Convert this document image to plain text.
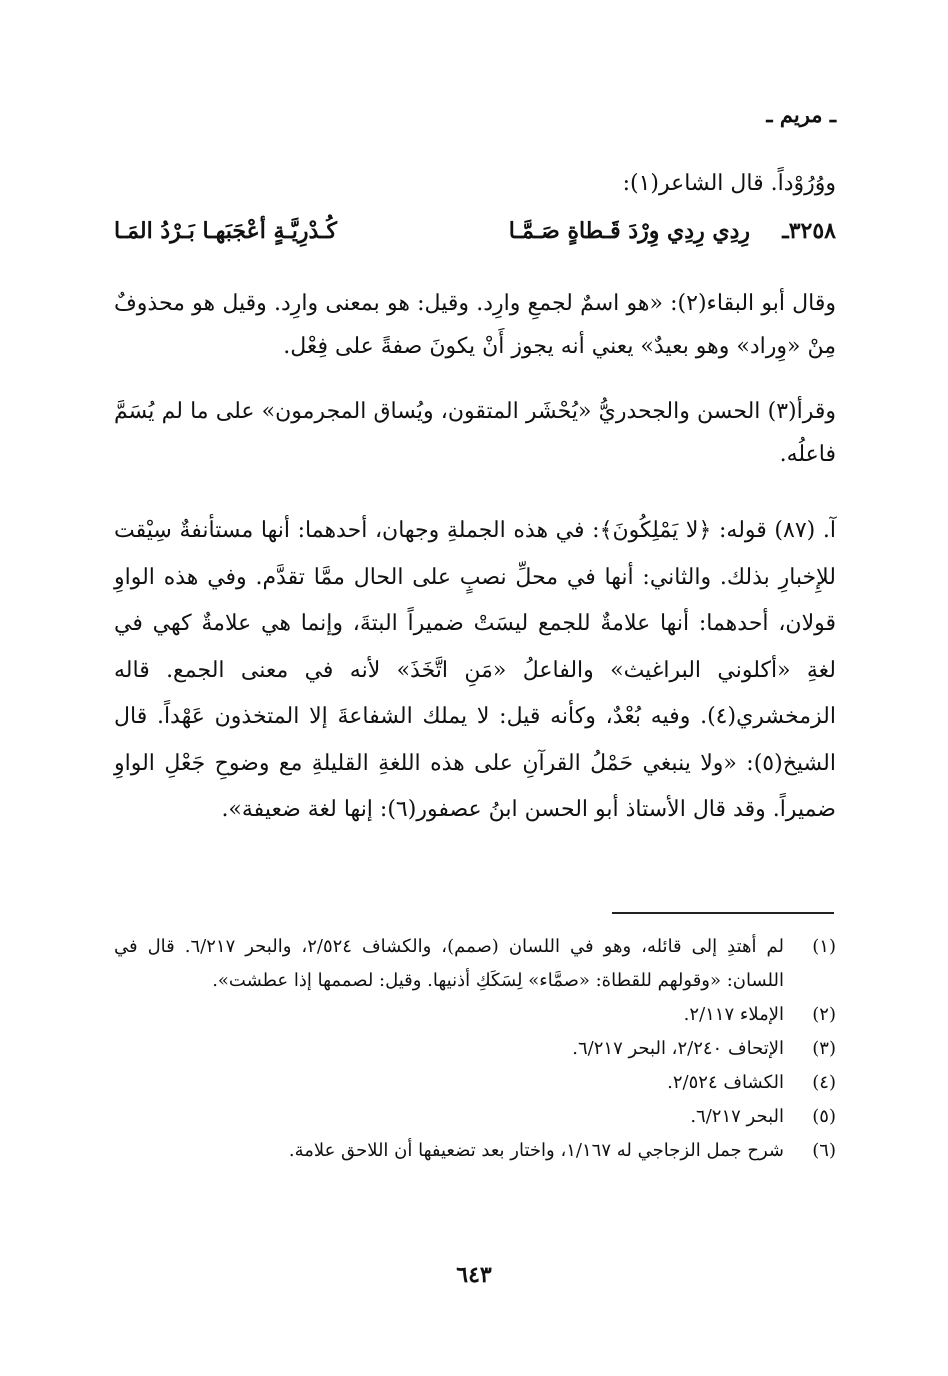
ـ مريم ـ
ووُرُوْداً. قال الشاعر(١):
٣٢٥٨ـ
رِدِي رِدِي وِرْدَ قَـطاةٍ صَـمَّـا
كُـدْرِيَّـةٍ أعْجَبَهـا بَـرْدُ المَـا
وقال أبو البقاء(٢): «هو اسمٌ لجمعِ وارِد. وقيل: هو بمعنى وارِد. وقيل هو محذوفٌ مِنْ «وِراد» وهو بعيدٌ» يعني أنه يجوز أَنْ يكونَ صفةً على فِعْل.
وقرأ(٣) الحسن والجحدريُّ «يُحْشَر المتقون، ويُساق المجرمون» على ما لم يُسَمَّ فاعلُه.
آ. (٨٧) قوله: ﴿لا يَمْلِكُونَ﴾: في هذه الجملةِ وجهان، أحدهما: أنها مستأنفةٌ سِيْقت للإِخبارِ بذلك. والثاني: أنها في محلِّ نصبٍ على الحال ممَّا تقدَّم. وفي هذه الواوِ قولان، أحدهما: أنها علامةٌ للجمع ليسَتْ ضميراً البتةَ، وإنما هي علامةٌ كهي في لغةِ «أكلوني البراغيث» والفاعلُ «مَنِ اتَّخَذَ» لأنه في معنى الجمع. قاله الزمخشري(٤). وفيه بُعْدٌ، وكأنه قيل: لا يملك الشفاعةَ إلا المتخذون عَهْداً. قال الشيخ(٥): «ولا ينبغي حَمْلُ القرآنِ على هذه اللغةِ القليلةِ مع وضوحِ جَعْلِ الواوِ ضميراً. وقد قال الأستاذ أبو الحسن ابنُ عصفور(٦): إنها لغة ضعيفة».
(١)
لم أهتدِ إلى قائله، وهو في اللسان (صمم)، والكشاف ٢/٥٢٤، والبحر ٦/٢١٧. قال في اللسان: «وقولهم للقطاة: «صمَّاء» لِسَكَكِ أذنيها. وقيل: لصممها إذا عطشت».
(٢)
الإملاء ٢/١١٧.
(٣)
الإتحاف ٢/٢٤٠، البحر ٦/٢١٧.
(٤)
الكشاف ٢/٥٢٤.
(٥)
البحر ٦/٢١٧.
(٦)
شرح جمل الزجاجي له ١/١٦٧، واختار بعد تضعيفها أن اللاحق علامة.
٦٤٣
